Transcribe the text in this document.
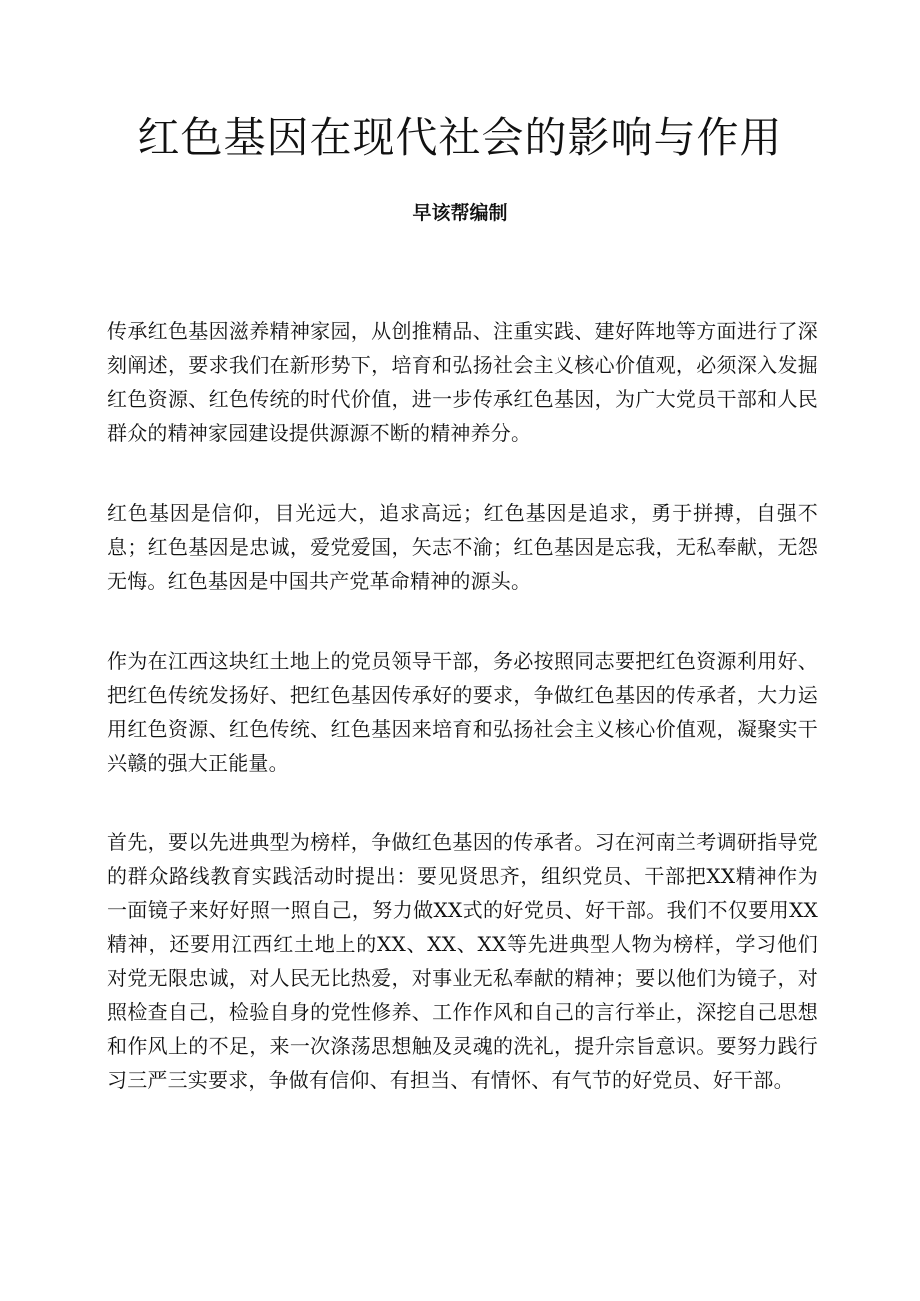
红色基因在现代社会的影响与作用
早该帮编制

传承红色基因滋养精神家园，从创推精品、注重实践、建好阵地等方面进行了深刻阐述，要求我们在新形势下，培育和弘扬社会主义核心价值观，必须深入发掘红色资源、红色传统的时代价值，进一步传承红色基因，为广大党员干部和人民群众的精神家园建设提供源源不断的精神养分。

红色基因是信仰，目光远大，追求高远；红色基因是追求，勇于拼搏，自强不息；红色基因是忠诚，爱党爱国，矢志不渝；红色基因是忘我，无私奉献，无怨无悔。红色基因是中国共产党革命精神的源头。

作为在江西这块红土地上的党员领导干部，务必按照同志要把红色资源利用好、把红色传统发扬好、把红色基因传承好的要求，争做红色基因的传承者，大力运用红色资源、红色传统、红色基因来培育和弘扬社会主义核心价值观，凝聚实干兴赣的强大正能量。

首先，要以先进典型为榜样，争做红色基因的传承者。习在河南兰考调研指导党的群众路线教育实践活动时提出：要见贤思齐，组织党员、干部把XX精神作为一面镜子来好好照一照自己，努力做XX式的好党员、好干部。我们不仅要用XX精神，还要用江西红土地上的XX、XX、XX等先进典型人物为榜样，学习他们对党无限忠诚，对人民无比热爱，对事业无私奉献的精神；要以他们为镜子，对照检查自己，检验自身的党性修养、工作作风和自己的言行举止，深挖自己思想和作风上的不足，来一次涤荡思想触及灵魂的洗礼，提升宗旨意识。要努力践行习三严三实要求，争做有信仰、有担当、有情怀、有气节的好党员、好干部。
